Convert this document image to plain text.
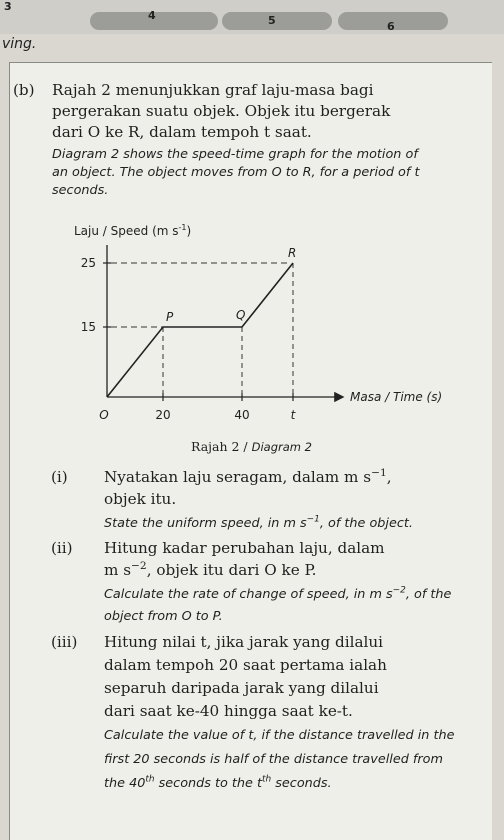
3
4	5	6
ving.
(b) Rajah 2 menunjukkan graf laju-masa bagi
pergerakan suatu objek. Objek itu bergerak
dari O ke R, dalam tempoh t saat.
Diagram 2 shows the speed-time graph for the motion of
an object. The object moves from O to R, for a period of t
seconds.
Laju / Speed (m $s^{-1}$)
25
15
O	20	40	t
P	Q
R
Masa / Time (s)
Rajah 2 / Diagram 2
(i) Nyatakan laju seragam, dalam m $s^{-1}$,
objek itu.
State the uniform speed, in m $s^{-1}$, of the object.
(ii) Hitung kadar perubahan laju, dalam
m $s^{-2}$, objek itu dari O ke P.
Calculate the rate of change of speed, in m $s^{-2}$, of the
object from O to P.
(iii) Hitung nilai t, jika jarak yang dilalui
dalam tempoh 20 saat pertama ialah
separuh daripada jarak yang dilalui
dari saat ke-40 hingga saat ke-t.
Calculate the value of t, if the distance travelled in the
first 20 seconds is half of the distance travelled from
the 40th seconds to the $t^{th}$ seconds.
